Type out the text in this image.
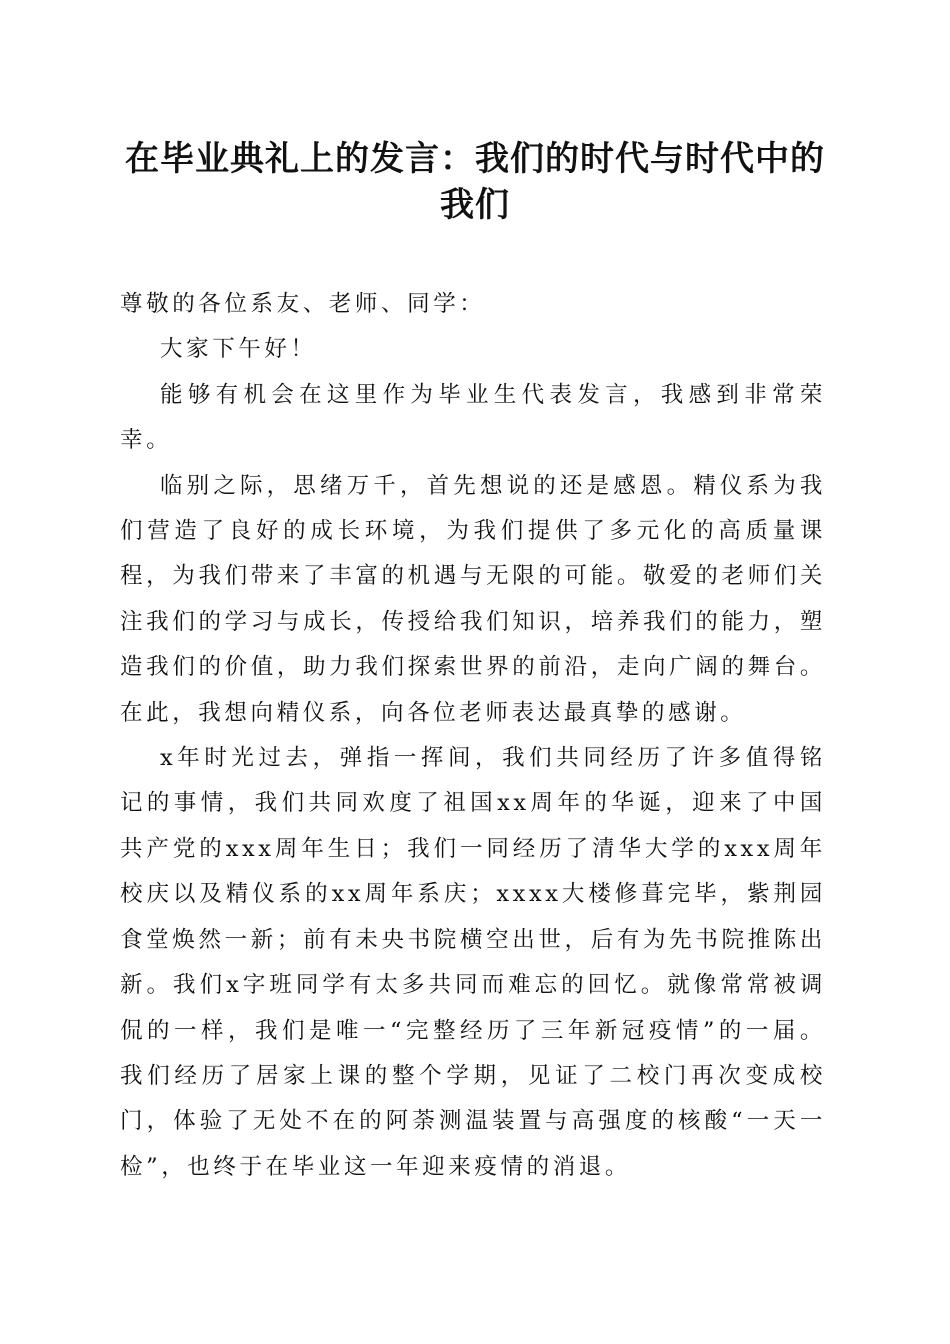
在毕业典礼上的发言：我们的时代与时代中的我们

尊敬的各位系友、老师、同学：

大家下午好！

能够有机会在这里作为毕业生代表发言，我感到非常荣幸。

临别之际，思绪万千，首先想说的还是感恩。精仪系为我们营造了良好的成长环境，为我们提供了多元化的高质量课程，为我们带来了丰富的机遇与无限的可能。敬爱的老师们关注我们的学习与成长，传授给我们知识，培养我们的能力，塑造我们的价值，助力我们探索世界的前沿，走向广阔的舞台。在此，我想向精仪系，向各位老师表达最真挚的感谢。

x年时光过去，弹指一挥间，我们共同经历了许多值得铭记的事情，我们共同欢度了祖国xx周年的华诞，迎来了中国共产党的xxx周年生日；我们一同经历了清华大学的xxx周年校庆以及精仪系的xx周年系庆；xxxx大楼修葺完毕，紫荆园食堂焕然一新；前有未央书院横空出世，后有为先书院推陈出新。我们x字班同学有太多共同而难忘的回忆。就像常常被调侃的一样，我们是唯一“完整经历了三年新冠疫情”的一届。我们经历了居家上课的整个学期，见证了二校门再次变成校门，体验了无处不在的阿荼测温装置与高强度的核酸“一天一检”，也终于在毕业这一年迎来疫情的消退。
